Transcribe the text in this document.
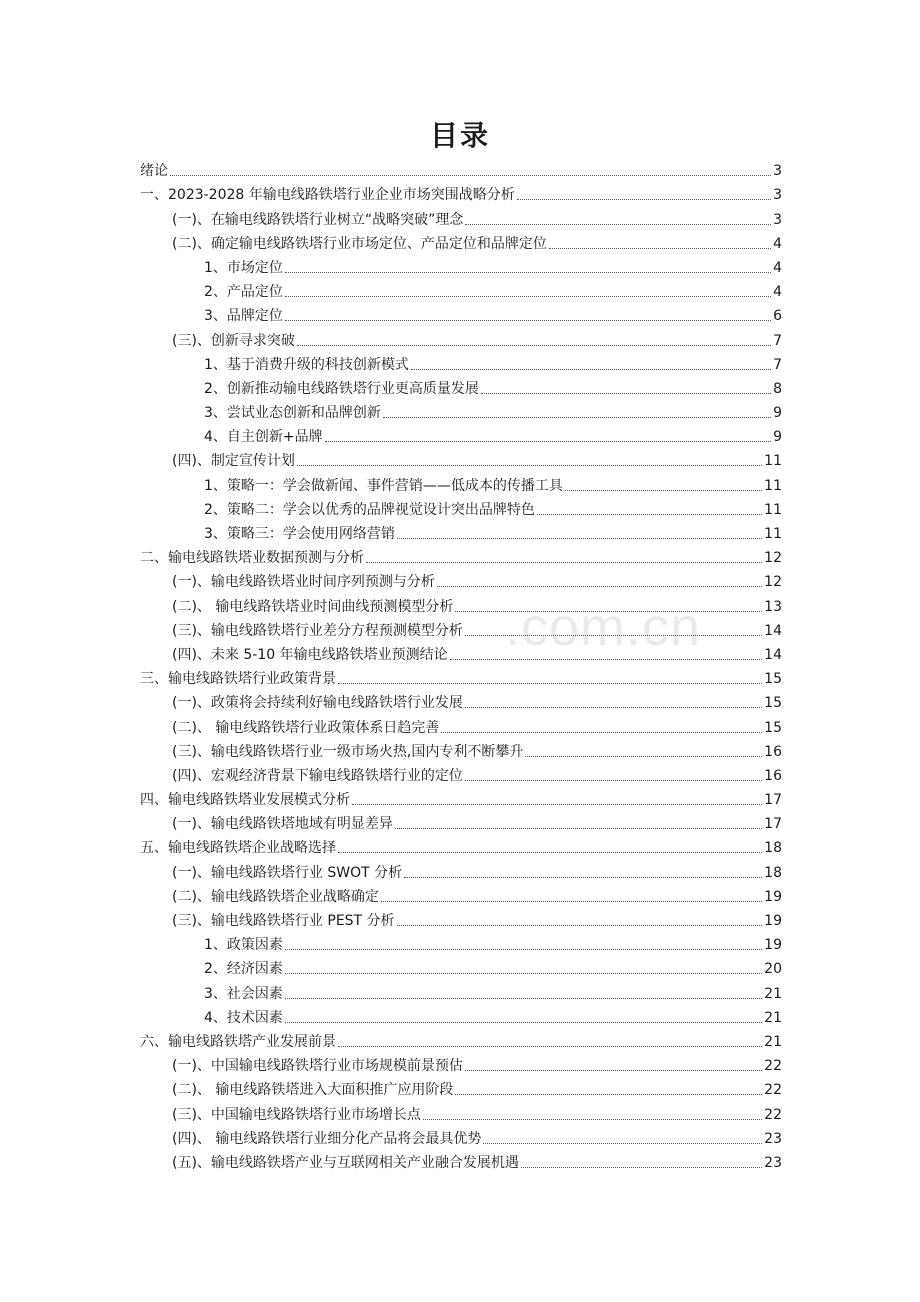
目录
.com.cn
绪论	3
一、2023-2028 年输电线路铁塔行业企业市场突围战略分析	3
(一)、在输电线路铁塔行业树立“战略突破”理念	3
(二)、确定输电线路铁塔行业市场定位、产品定位和品牌定位	4
1、市场定位	4
2、产品定位	4
3、品牌定位	6
(三)、创新寻求突破	7
1、基于消费升级的科技创新模式	7
2、创新推动输电线路铁塔行业更高质量发展	8
3、尝试业态创新和品牌创新	9
4、自主创新+品牌	9
(四)、制定宣传计划	11
1、策略一：学会做新闻、事件营销——低成本的传播工具	11
2、策略二：学会以优秀的品牌视觉设计突出品牌特色	11
3、策略三：学会使用网络营销	11
二、输电线路铁塔业数据预测与分析	12
(一)、输电线路铁塔业时间序列预测与分析	12
(二)、 输电线路铁塔业时间曲线预测模型分析	13
(三)、输电线路铁塔行业差分方程预测模型分析	14
(四)、未来 5-10 年输电线路铁塔业预测结论	14
三、输电线路铁塔行业政策背景	15
(一)、政策将会持续利好输电线路铁塔行业发展	15
(二)、 输电线路铁塔行业政策体系日趋完善	15
(三)、输电线路铁塔行业一级市场火热,国内专利不断攀升	16
(四)、宏观经济背景下输电线路铁塔行业的定位	16
四、输电线路铁塔业发展模式分析	17
(一)、输电线路铁塔地域有明显差异	17
五、输电线路铁塔企业战略选择	18
(一)、输电线路铁塔行业 SWOT 分析	18
(二)、输电线路铁塔企业战略确定	19
(三)、输电线路铁塔行业 PEST 分析	19
1、政策因素	19
2、经济因素	20
3、社会因素	21
4、技术因素	21
六、输电线路铁塔产业发展前景	21
(一)、中国输电线路铁塔行业市场规模前景预估	22
(二)、 输电线路铁塔进入大面积推广应用阶段	22
(三)、中国输电线路铁塔行业市场增长点	22
(四)、 输电线路铁塔行业细分化产品将会最具优势	23
(五)、输电线路铁塔产业与互联网相关产业融合发展机遇	23
